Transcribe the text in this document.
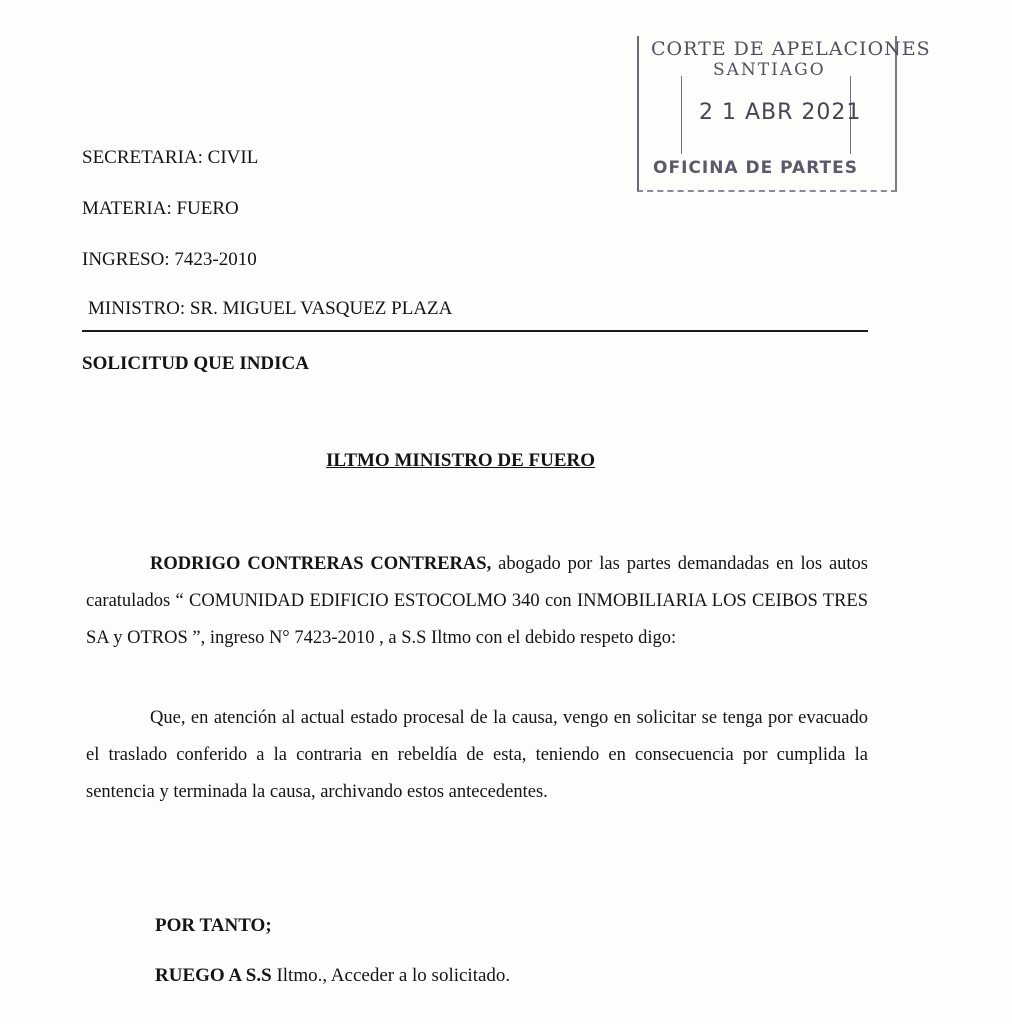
CORTE DE APELACIONES
SANTIAGO
2 1 ABR 2021
OFICINA DE PARTES
SECRETARIA: CIVIL
MATERIA: FUERO
INGRESO: 7423-2010
MINISTRO: SR. MIGUEL VASQUEZ PLAZA
SOLICITUD QUE INDICA
ILTMO MINISTRO DE FUERO
RODRIGO CONTRERAS CONTRERAS, abogado por las partes demandadas en los autos caratulados “ COMUNIDAD EDIFICIO ESTOCOLMO 340 con INMOBILIARIA LOS CEIBOS TRES SA y OTROS ”, ingreso N° 7423-2010 , a S.S Iltmo con el debido respeto digo:
Que, en atención al actual estado procesal de la causa, vengo en solicitar se tenga por evacuado el traslado conferido a la contraria en rebeldía de esta, teniendo en consecuencia por cumplida la sentencia y terminada la causa, archivando estos antecedentes.
POR TANTO;
RUEGO A S.S Iltmo., Acceder a lo solicitado.
